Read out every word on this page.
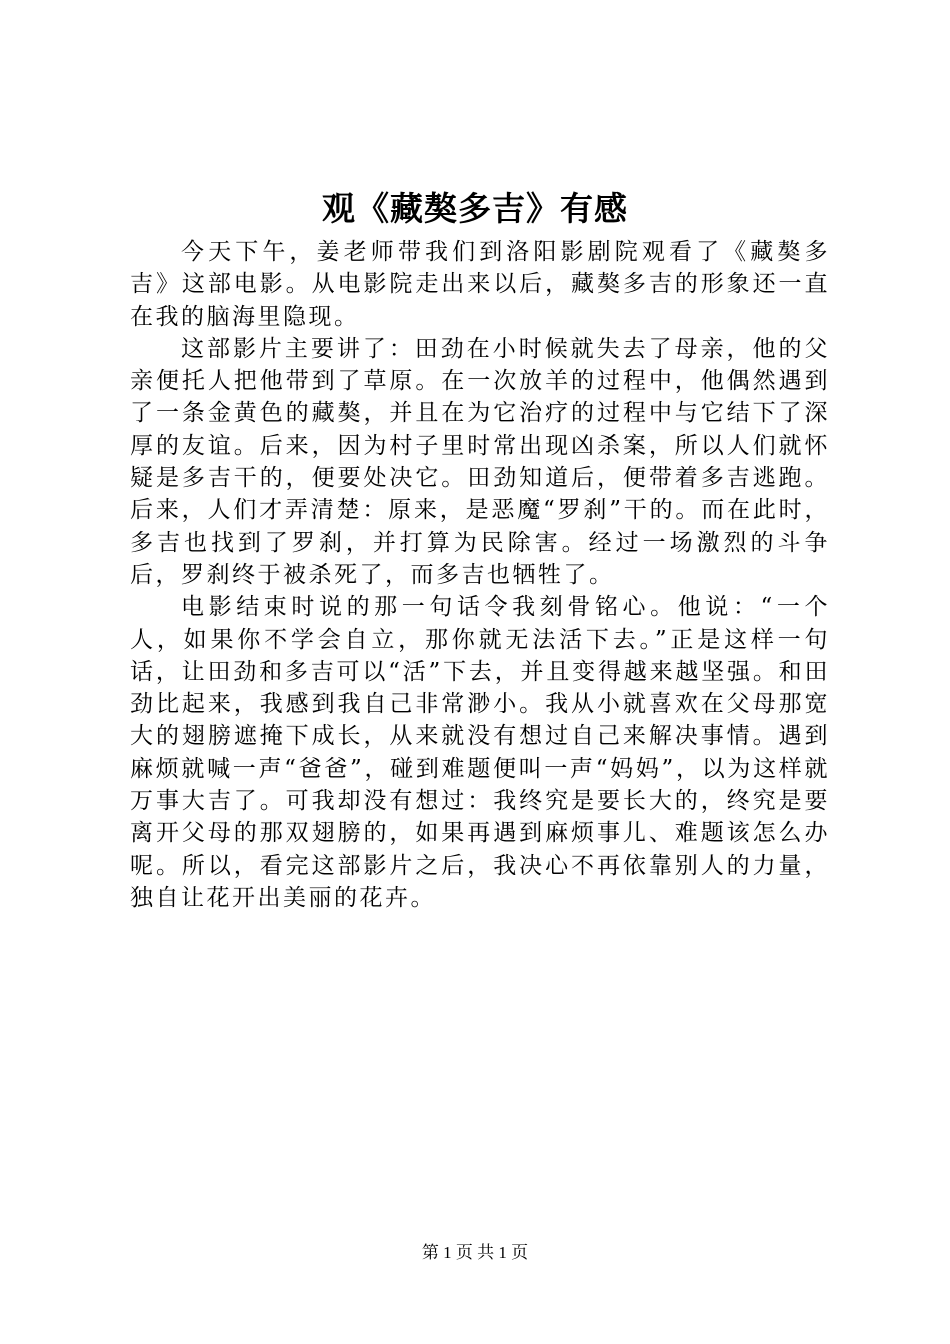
观《藏獒多吉》有感

今天下午，姜老师带我们到洛阳影剧院观看了《藏獒多吉》这部电影。从电影院走出来以后，藏獒多吉的形象还一直在我的脑海里隐现。

这部影片主要讲了：田劲在小时候就失去了母亲，他的父亲便托人把他带到了草原。在一次放羊的过程中，他偶然遇到了一条金黄色的藏獒，并且在为它治疗的过程中与它结下了深厚的友谊。后来，因为村子里时常出现凶杀案，所以人们就怀疑是多吉干的，便要处决它。田劲知道后，便带着多吉逃跑。后来，人们才弄清楚：原来，是恶魔“罗刹”干的。而在此时，多吉也找到了罗刹，并打算为民除害。经过一场激烈的斗争后，罗刹终于被杀死了，而多吉也牺牲了。

电影结束时说的那一句话令我刻骨铭心。他说：“一个人，如果你不学会自立，那你就无法活下去。”正是这样一句话，让田劲和多吉可以“活”下去，并且变得越来越坚强。和田劲比起来，我感到我自己非常渺小。我从小就喜欢在父母那宽大的翅膀遮掩下成长，从来就没有想过自己来解决事情。遇到麻烦就喊一声“爸爸”，碰到难题便叫一声“妈妈”，以为这样就万事大吉了。可我却没有想过：我终究是要长大的，终究是要离开父母的那双翅膀的，如果再遇到麻烦事儿、难题该怎么办呢。所以，看完这部影片之后，我决心不再依靠别人的力量，独自让花开出美丽的花卉。

第 1 页 共 1 页
